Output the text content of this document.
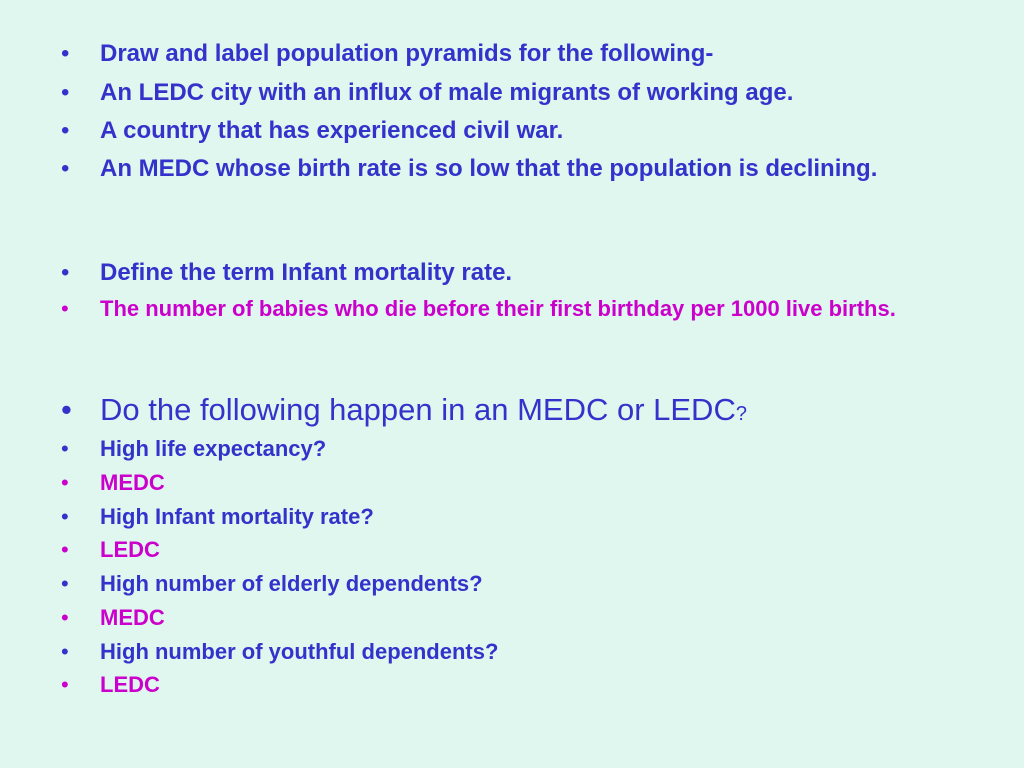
• Draw and label population pyramids for the following-
• An LEDC city with an influx of male migrants of working age.
• A country that has experienced civil war.
• An MEDC whose birth rate is so low that the population is declining.
• Define the term Infant mortality rate.
• The number of babies who die before their first birthday per 1000 live births.
• Do the following happen in an MEDC or LEDC?
• High life expectancy?
• MEDC
• High Infant mortality rate?
• LEDC
• High number of elderly dependents?
• MEDC
• High number of youthful dependents?
• LEDC
